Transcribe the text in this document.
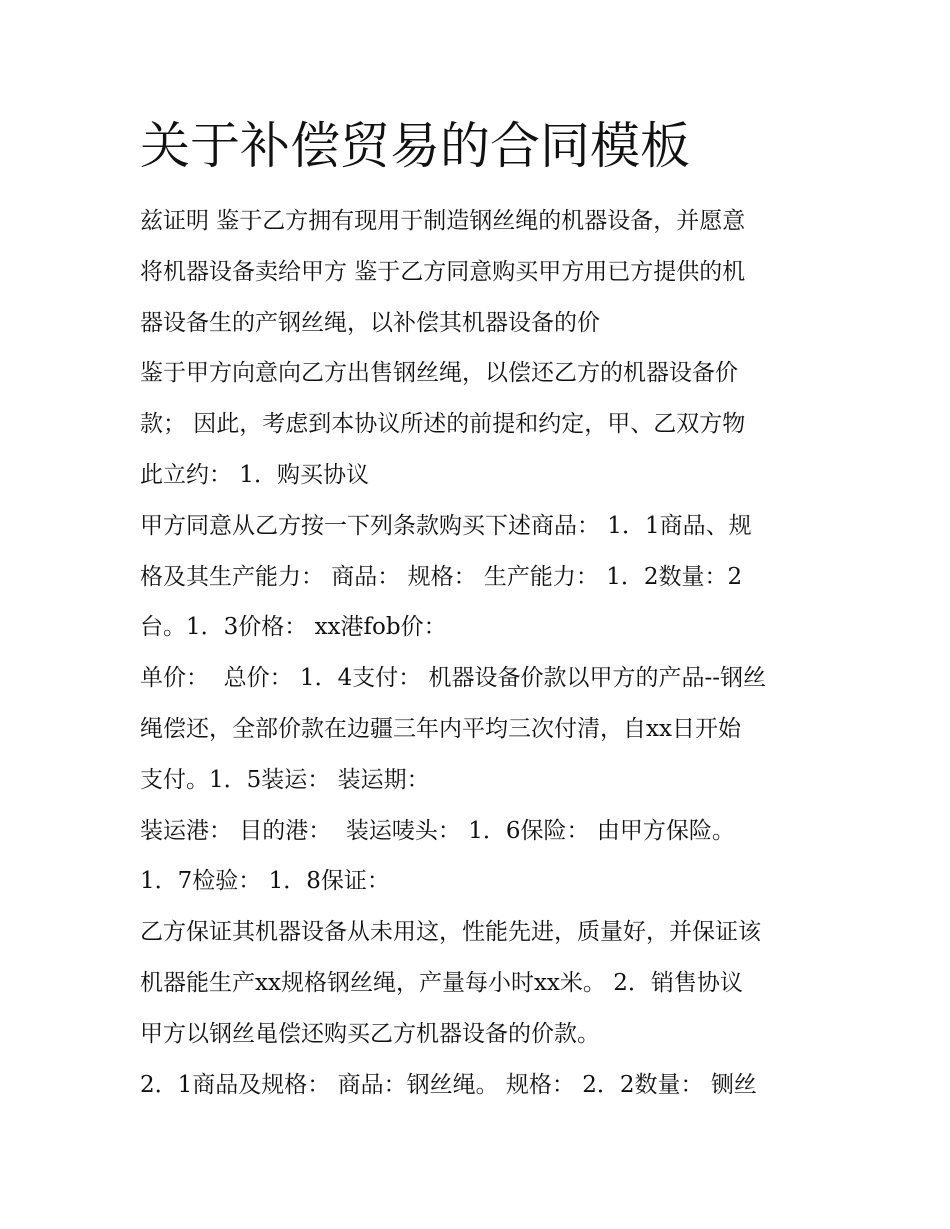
关于补偿贸易的合同模板

兹证明 鉴于乙方拥有现用于制造钢丝绳的机器设备，并愿意

将机器设备卖给甲方 鉴于乙方同意购买甲方用已方提供的机

器设备生的产钢丝绳，以补偿其机器设备的价

鉴于甲方向意向乙方出售钢丝绳，以偿还乙方的机器设备价

款； 因此，考虑到本协议所述的前提和约定，甲、乙双方物

此立约： 1．购买协议

甲方同意从乙方按一下列条款购买下述商品： 1．1商品、规

格及其生产能力： 商品： 规格： 生产能力： 1．2数量：2

台。1．3价格： xx港fob价：

单价：  总价： 1．4支付： 机器设备价款以甲方的产品--钢丝

绳偿还，全部价款在边疆三年内平均三次付清，自xx日开始

支付。1．5装运： 装运期：

装运港： 目的港：  装运唛头： 1．6保险： 由甲方保险。

1．7检验： 1．8保证：

乙方保证其机器设备从未用这，性能先进，质量好，并保证该

机器能生产xx规格钢丝绳，产量每小时xx米。 2．销售协议

甲方以钢丝黾偿还购买乙方机器设备的价款。

2．1商品及规格： 商品：钢丝绳。 规格： 2．2数量： 铡丝
